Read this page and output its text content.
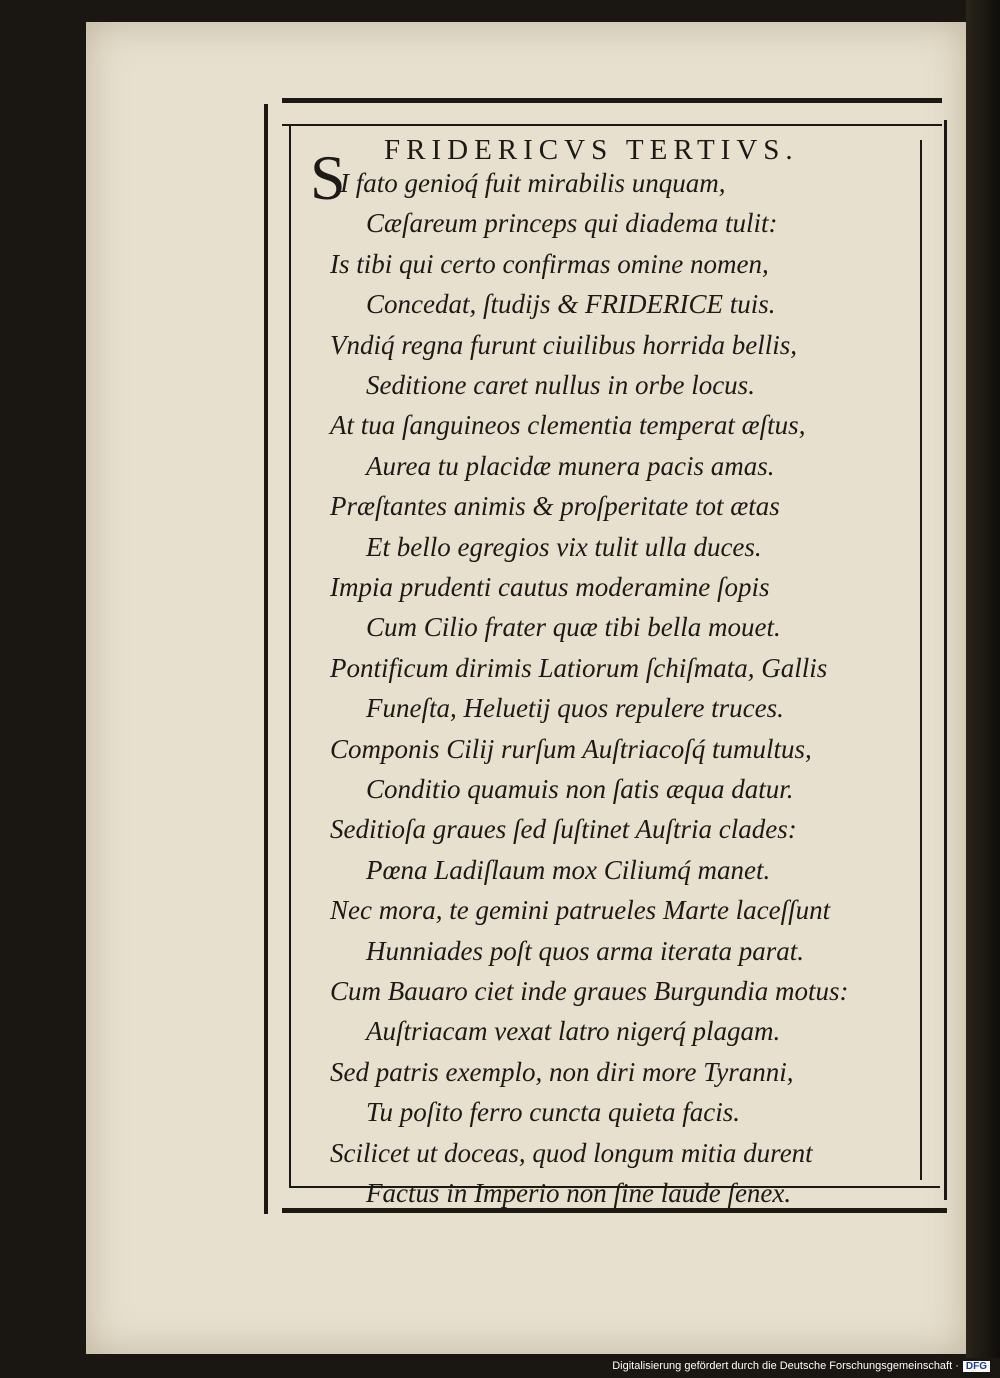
FRIDERICVS TERTIVS.
S
I fato genioq́ fuit mirabilis unquam,
Cæſareum princeps qui diadema tulit:
Is tibi qui certo confirmas omine nomen,
Concedat, ſtudijs & FRIDERICE tuis.
Vndiq́ regna furunt ciuilibus horrida bellis,
Seditione caret nullus in orbe locus.
At tua ſanguineos clementia temperat æſtus,
Aurea tu placidæ munera pacis amas.
Præſtantes animis & proſperitate tot ætas
Et bello egregios vix tulit ulla duces.
Impia prudenti cautus moderamine ſopis
Cum Cilio frater quæ tibi bella mouet.
Pontificum dirimis Latiorum ſchiſmata, Gallis
Funeſta, Heluetij quos repulere truces.
Componis Cilij rurſum Auſtriacoſq́ tumultus,
Conditio quamuis non ſatis æqua datur.
Seditioſa graues ſed ſuſtinet Auſtria clades:
Pœna Ladiſlaum mox Ciliumq́ manet.
Nec mora, te gemini patrueles Marte laceſſunt
Hunniades poſt quos arma iterata parat.
Cum Bauaro ciet inde graues Burgundia motus:
Auſtriacam vexat latro nigerq́ plagam.
Sed patris exemplo, non diri more Tyranni,
Tu poſito ferro cuncta quieta facis.
Scilicet ut doceas, quod longum mitia durent
Factus in Imperio non ſine laude ſenex.
Digitalisierung gefördert durch die Deutsche Forschungsgemeinschaft · DFG
